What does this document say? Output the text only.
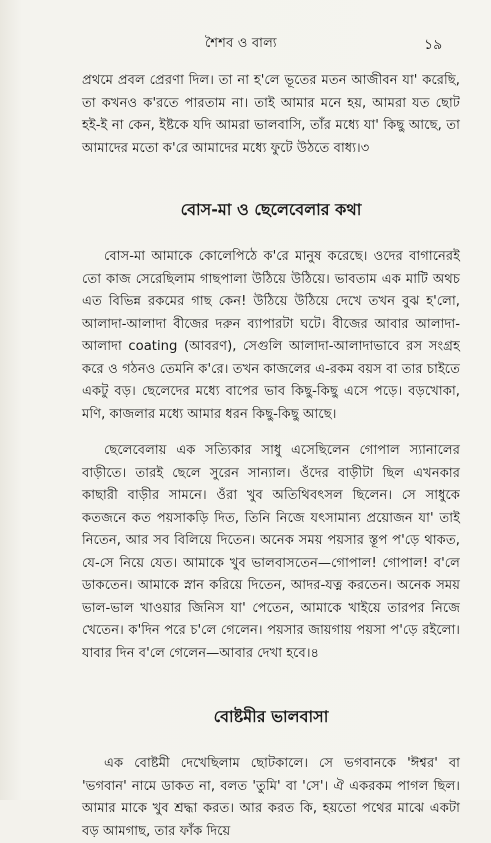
শৈশব ও বাল্য	১৯

প্রথমে প্রবল প্রেরণা দিল। তা না হ'লে ভূতের মতন আজীবন যা' করেছি, তা কখনও ক'রতে পারতাম না। তাই আমার মনে হয়, আমরা যত ছোট হই-ই না কেন, ইষ্টকে যদি আমরা ভালবাসি, তাঁর মধ্যে যা' কিছু আছে, তা আমাদের মতো ক'রে আমাদের মধ্যে ফুটে উঠতে বাধ্য।৩

বোস-মা ও ছেলেবেলার কথা

বোস-মা আমাকে কোলেপিঠে ক'রে মানুষ করেছে। ওদের বাগানেরই তো কাজ সেরেছিলাম গাছপালা উঠিয়ে উঠিয়ে। ভাবতাম এক মাটি অথচ এত বিভিন্ন রকমের গাছ কেন! উঠিয়ে উঠিয়ে দেখে তখন বুঝ হ'লো, আলাদা-আলাদা বীজের দরুন ব্যাপারটা ঘটে। বীজের আবার আলাদা-আলাদা coating (আবরণ), সেগুলি আলাদা-আলাদাভাবে রস সংগ্রহ করে ও গঠনও তেমনি ক'রে। তখন কাজলের এ-রকম বয়স বা তার চাইতে একটু বড়। ছেলেদের মধ্যে বাপের ভাব কিছু-কিছু এসে পড়ে। বড়খোকা, মণি, কাজলার মধ্যে আমার ধরন কিছু-কিছু আছে।

ছেলেবেলায় এক সত্যিকার সাধু এসেছিলেন গোপাল স্যানালের বাড়ীতে। তারই ছেলে সুরেন সান্যাল। ওঁদের বাড়ীটা ছিল এখনকার কাছারী বাড়ীর সামনে। ওঁরা খুব অতিথিবৎসল ছিলেন। সে সাধুকে কতজনে কত পয়সাকড়ি দিত, তিনি নিজে যৎসামান্য প্রয়োজন যা' তাই নিতেন, আর সব বিলিয়ে দিতেন। অনেক সময় পয়সার স্তূপ প'ড়ে থাকত, যে-সে নিয়ে যেত। আমাকে খুব ভালবাসতেন—গোপাল! গোপাল! ব'লে ডাকতেন। আমাকে স্নান করিয়ে দিতেন, আদর-যত্ন করতেন। অনেক সময় ভাল-ভাল খাওয়ার জিনিস যা' পেতেন, আমাকে খাইয়ে তারপর নিজে খেতেন। ক'দিন পরে চ'লে গেলেন। পয়সার জায়গায় পয়সা প'ড়ে রইলো। যাবার দিন ব'লে গেলেন—আবার দেখা হবে।৪

বোষ্টমীর ভালবাসা

এক বোষ্টমী দেখেছিলাম ছোটকালে। সে ভগবানকে 'ঈশ্বর' বা 'ভগবান' নামে ডাকত না, বলত 'তুমি' বা 'সে'। ঐ একরকম পাগল ছিল। আমার মাকে খুব শ্রদ্ধা করত। আর করত কি, হয়তো পথের মাঝে একটা বড় আমগাছ, তার ফাঁক দিয়ে
